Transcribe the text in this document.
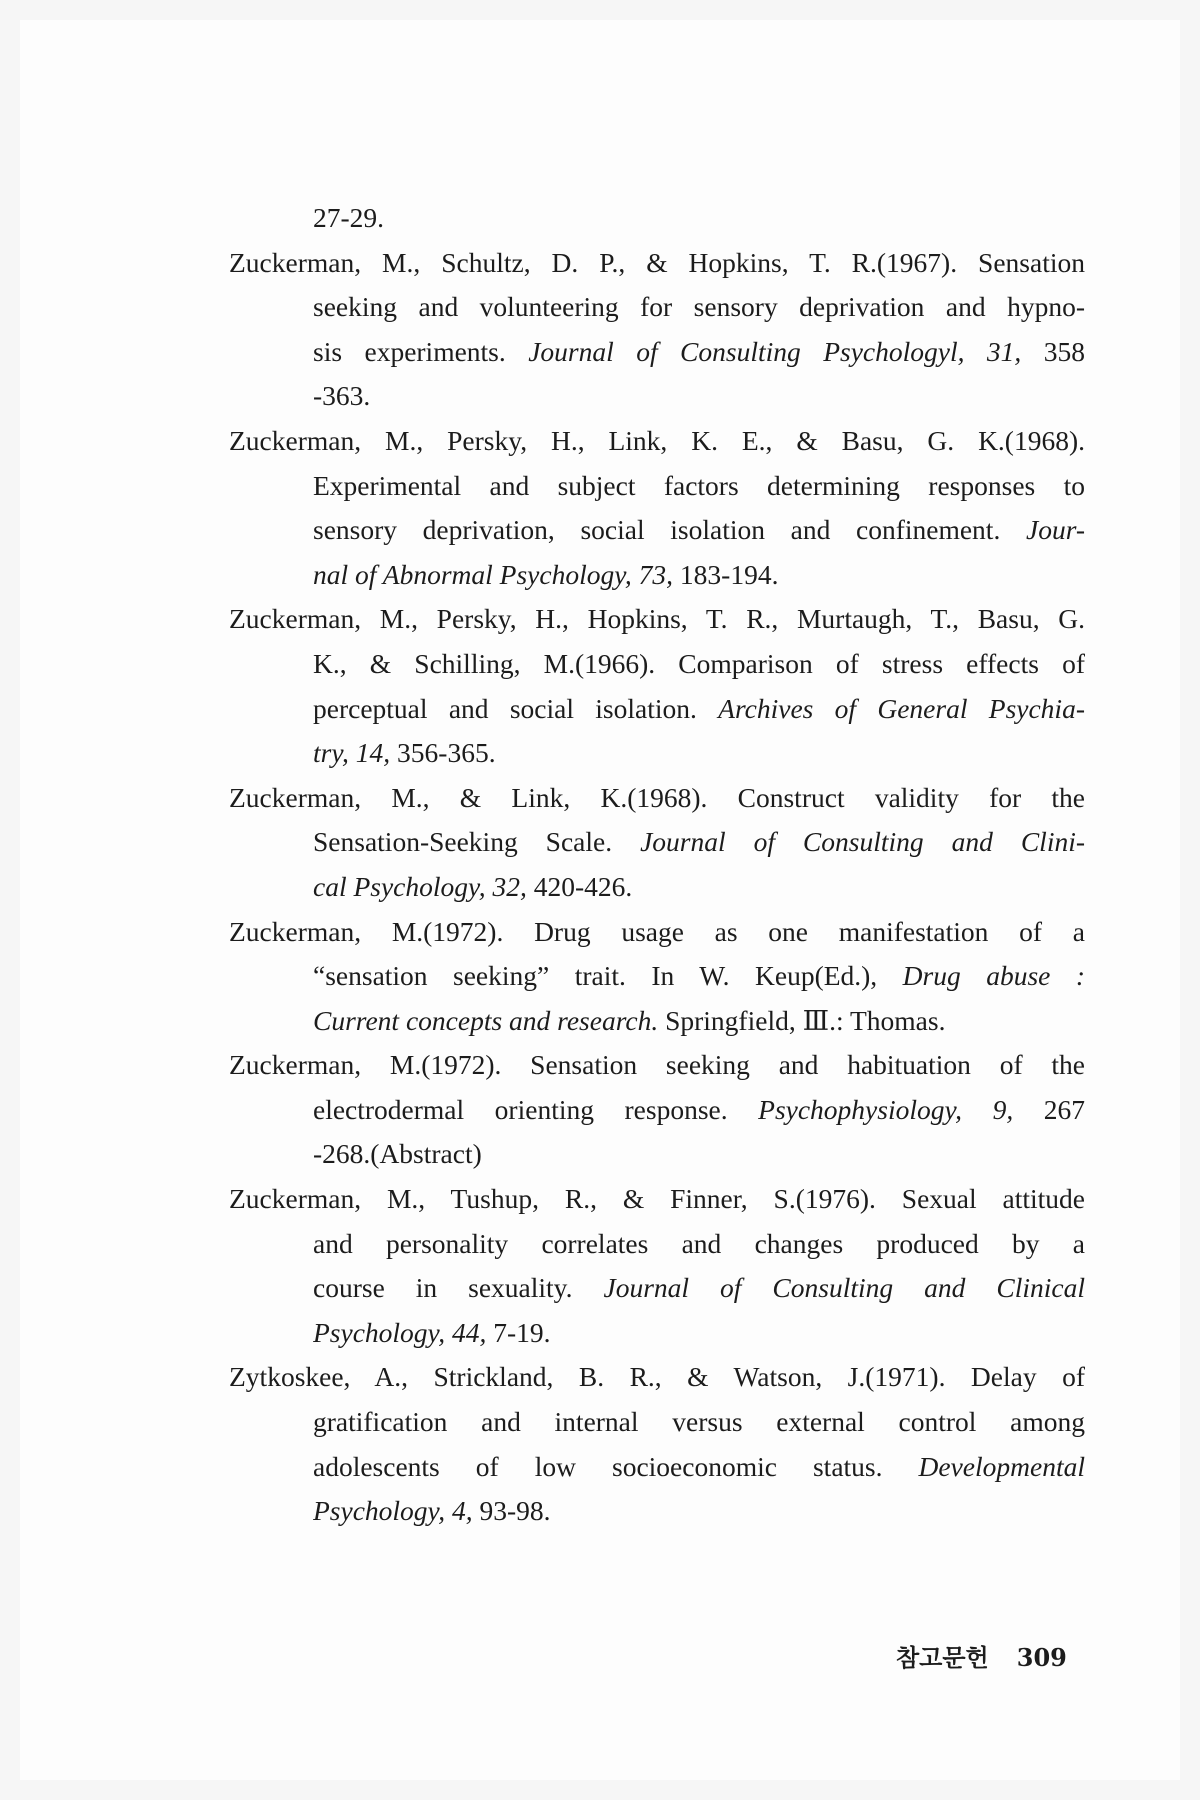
27-29.
Zuckerman, M., Schultz, D. P., & Hopkins, T. R.(1967). Sensation
seeking and volunteering for sensory deprivation and hypno-
sis experiments. Journal of Consulting Psychologyl, 31, 358
-363.
Zuckerman, M., Persky, H., Link, K. E., & Basu, G. K.(1968).
Experimental and subject factors determining responses to
sensory deprivation, social isolation and confinement. Jour-
nal of Abnormal Psychology, 73, 183-194.
Zuckerman, M., Persky, H., Hopkins, T. R., Murtaugh, T., Basu, G.
K., & Schilling, M.(1966). Comparison of stress effects of
perceptual and social isolation. Archives of General Psychia-
try, 14, 356-365.
Zuckerman, M., & Link, K.(1968). Construct validity for the
Sensation-Seeking Scale. Journal of Consulting and Clini-
cal Psychology, 32, 420-426.
Zuckerman, M.(1972). Drug usage as one manifestation of a
“sensation seeking” trait. In W. Keup(Ed.), Drug abuse :
Current concepts and research. Springfield, Ⅲ.: Thomas.
Zuckerman, M.(1972). Sensation seeking and habituation of the
electrodermal orienting response. Psychophysiology, 9, 267
-268.(Abstract)
Zuckerman, M., Tushup, R., & Finner, S.(1976). Sexual attitude
and personality correlates and changes produced by a
course in sexuality. Journal of Consulting and Clinical
Psychology, 44, 7-19.
Zytkoskee, A., Strickland, B. R., & Watson, J.(1971). Delay of
gratification and internal versus external control among
adolescents of low socioeconomic status. Developmental
Psychology, 4, 93-98.
참고문헌 309
